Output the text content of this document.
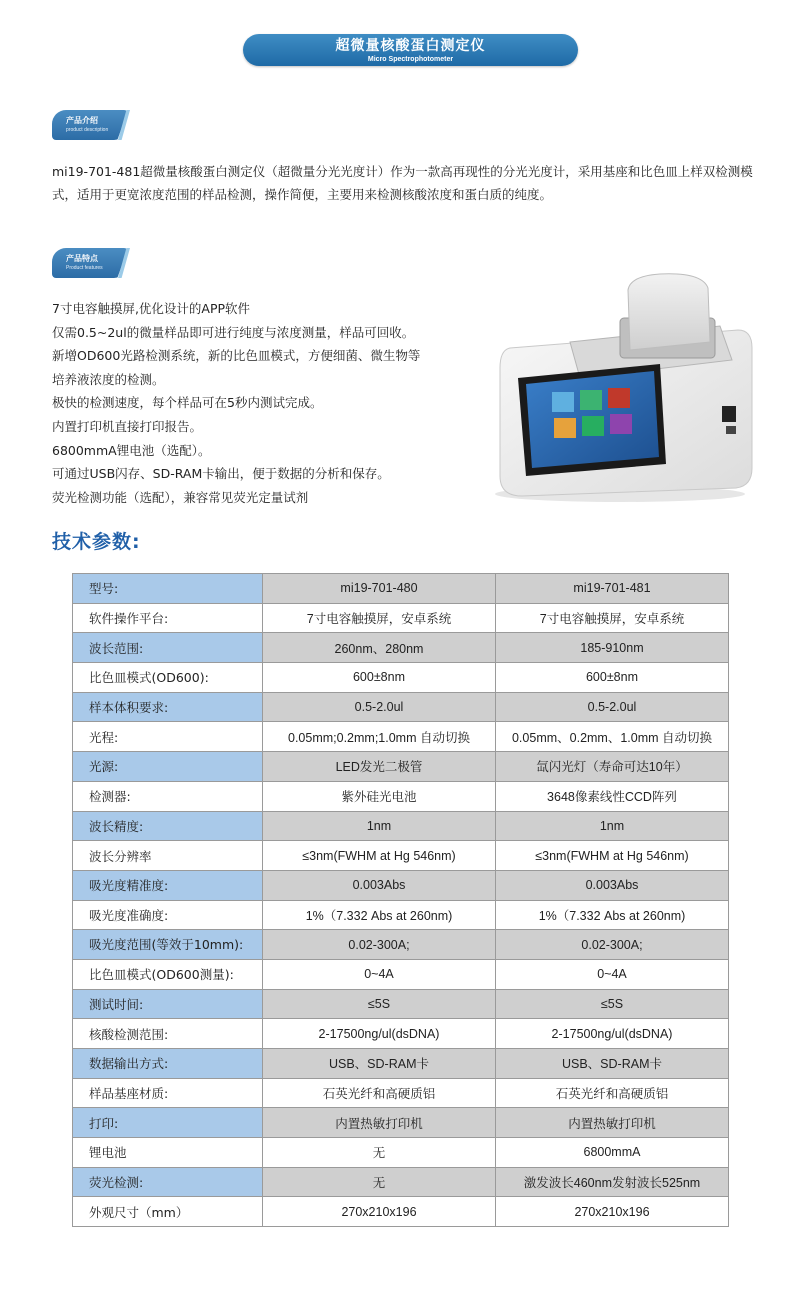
超微量核酸蛋白测定仪
Micro Spectrophotometer
产品介绍
product description
mi19-701-481超微量核酸蛋白测定仪（超微量分光光度计）作为一款高再现性的分光光度计，采用基座和比色皿上样双检测模式，适用于更宽浓度范围的样品检测，操作简便，主要用来检测核酸浓度和蛋白质的纯度。
产品特点
Product features
7寸电容触摸屏,优化设计的APP软件
仅需0.5~2ul的微量样品即可进行纯度与浓度测量，样品可回收。
新增OD600光路检测系统，新的比色皿模式，方便细菌、微生物等
培养液浓度的检测。
极快的检测速度，每个样品可在5秒内测试完成。
内置打印机直接打印报告。
6800mmA锂电池（选配）。
可通过USB闪存、SD-RAM卡输出，便于数据的分析和保存。
荧光检测功能（选配），兼容常见荧光定量试剂
技术参数:
型号:	mi19-701-480	mi19-701-481
软件操作平台:	7寸电容触摸屏，安卓系统	7寸电容触摸屏，安卓系统
波长范围:	260nm、280nm	185-910nm
比色皿模式(OD600):	600±8nm	600±8nm
样本体积要求:	0.5-2.0ul	0.5-2.0ul
光程:	0.05mm;0.2mm;1.0mm 自动切换	0.05mm、0.2mm、1.0mm 自动切换
光源:	LED发光二极管	氙闪光灯（寿命可达10年）
检测器:	紫外硅光电池	3648像素线性CCD阵列
波长精度:	1nm	1nm
波长分辨率	≤3nm(FWHM at Hg 546nm)	≤3nm(FWHM at Hg 546nm)
吸光度精准度:	0.003Abs	0.003Abs
吸光度准确度:	1%（7.332 Abs at 260nm)	1%（7.332 Abs at 260nm)
吸光度范围(等效于10mm):	0.02-300A;	0.02-300A;
比色皿模式(OD600测量):	0~4A	0~4A
测试时间:	≤5S	≤5S
核酸检测范围:	2-17500ng/ul(dsDNA)	2-17500ng/ul(dsDNA)
数据输出方式:	USB、SD-RAM卡	USB、SD-RAM卡
样品基座材质:	石英光纤和高硬质铝	石英光纤和高硬质铝
打印:	内置热敏打印机	内置热敏打印机
锂电池	无	6800mmA
荧光检测:	无	激发波长460nm发射波长525nm
外观尺寸（mm）	270x210x196	270x210x196
